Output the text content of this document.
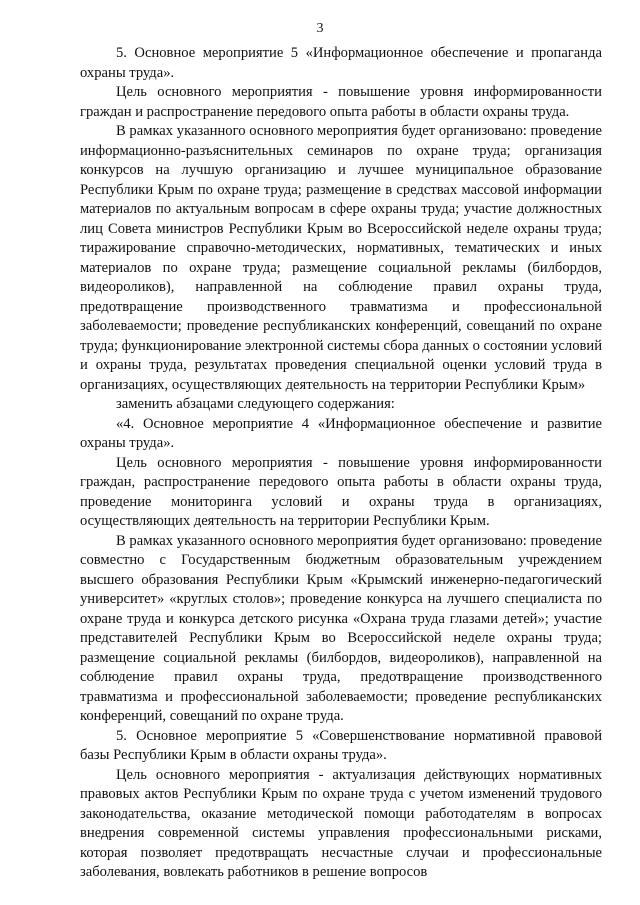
3

5. Основное мероприятие 5 «Информационное обеспечение и пропаганда охраны труда».

Цель основного мероприятия - повышение уровня информированности граждан и распространение передового опыта работы в области охраны труда.

В рамках указанного основного мероприятия будет организовано: проведение информационно-разъяснительных семинаров по охране труда; организация конкурсов на лучшую организацию и лучшее муниципальное образование Республики Крым по охране труда; размещение в средствах массовой информации материалов по актуальным вопросам в сфере охраны труда; участие должностных лиц Совета министров Республики Крым во Всероссийской неделе охраны труда; тиражирование справочно-методических, нормативных, тематических и иных материалов по охране труда; размещение социальной рекламы (билбордов, видеороликов), направленной на соблюдение правил охраны труда, предотвращение производственного травматизма и профессиональной заболеваемости; проведение республиканских конференций, совещаний по охране труда; функционирование электронной системы сбора данных о состоянии условий и охраны труда, результатах проведения специальной оценки условий труда в организациях, осуществляющих деятельность на территории Республики Крым»

заменить абзацами следующего содержания:

«4. Основное мероприятие 4 «Информационное обеспечение и развитие охраны труда».

Цель основного мероприятия - повышение уровня информированности граждан, распространение передового опыта работы в области охраны труда, проведение мониторинга условий и охраны труда в организациях, осуществляющих деятельность на территории Республики Крым.

В рамках указанного основного мероприятия будет организовано: проведение совместно с Государственным бюджетным образовательным учреждением высшего образования Республики Крым «Крымский инженерно-педагогический университет» «круглых столов»; проведение конкурса на лучшего специалиста по охране труда и конкурса детского рисунка «Охрана труда глазами детей»; участие представителей Республики Крым во Всероссийской неделе охраны труда; размещение социальной рекламы (билбордов, видеороликов), направленной на соблюдение правил охраны труда, предотвращение производственного травматизма и профессиональной заболеваемости; проведение республиканских конференций, совещаний по охране труда.

5. Основное мероприятие 5 «Совершенствование нормативной правовой базы Республики Крым в области охраны труда».

Цель основного мероприятия - актуализация действующих нормативных правовых актов Республики Крым по охране труда с учетом изменений трудового законодательства, оказание методической помощи работодателям в вопросах внедрения современной системы управления профессиональными рисками, которая позволяет предотвращать несчастные случаи и профессиональные заболевания, вовлекать работников в решение вопросов
